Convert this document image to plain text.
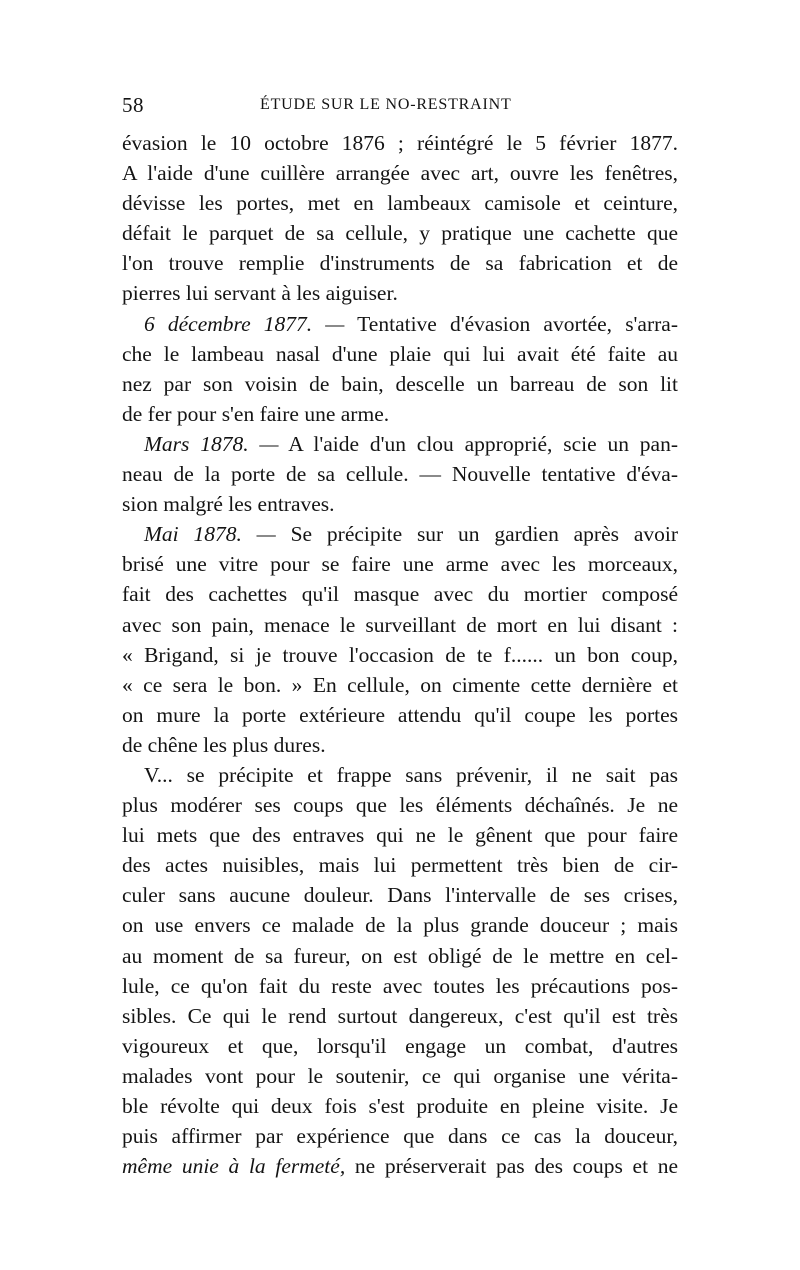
58	ÉTUDE SUR LE NO-RESTRAINT
évasion le 10 octobre 1876 ; réintégré le 5 février 1877.
A l'aide d'une cuillère arrangée avec art, ouvre les fenêtres,
dévisse les portes, met en lambeaux camisole et ceinture,
défait le parquet de sa cellule, y pratique une cachette que
l'on trouve remplie d'instruments de sa fabrication et de
pierres lui servant à les aiguiser.
6 décembre 1877. — Tentative d'évasion avortée, s'arra-
che le lambeau nasal d'une plaie qui lui avait été faite au
nez par son voisin de bain, descelle un barreau de son lit
de fer pour s'en faire une arme.
Mars 1878. — A l'aide d'un clou approprié, scie un pan-
neau de la porte de sa cellule. — Nouvelle tentative d'éva-
sion malgré les entraves.
Mai 1878. — Se précipite sur un gardien après avoir
brisé une vitre pour se faire une arme avec les morceaux,
fait des cachettes qu'il masque avec du mortier composé
avec son pain, menace le surveillant de mort en lui disant :
« Brigand, si je trouve l'occasion de te f...... un bon coup,
« ce sera le bon. » En cellule, on cimente cette dernière et
on mure la porte extérieure attendu qu'il coupe les portes
de chêne les plus dures.
V... se précipite et frappe sans prévenir, il ne sait pas
plus modérer ses coups que les éléments déchaînés. Je ne
lui mets que des entraves qui ne le gênent que pour faire
des actes nuisibles, mais lui permettent très bien de cir-
culer sans aucune douleur. Dans l'intervalle de ses crises,
on use envers ce malade de la plus grande douceur ; mais
au moment de sa fureur, on est obligé de le mettre en cel-
lule, ce qu'on fait du reste avec toutes les précautions pos-
sibles. Ce qui le rend surtout dangereux, c'est qu'il est très
vigoureux et que, lorsqu'il engage un combat, d'autres
malades vont pour le soutenir, ce qui organise une vérita-
ble révolte qui deux fois s'est produite en pleine visite. Je
puis affirmer par expérience que dans ce cas la douceur,
même unie à la fermeté, ne préserverait pas des coups et ne
